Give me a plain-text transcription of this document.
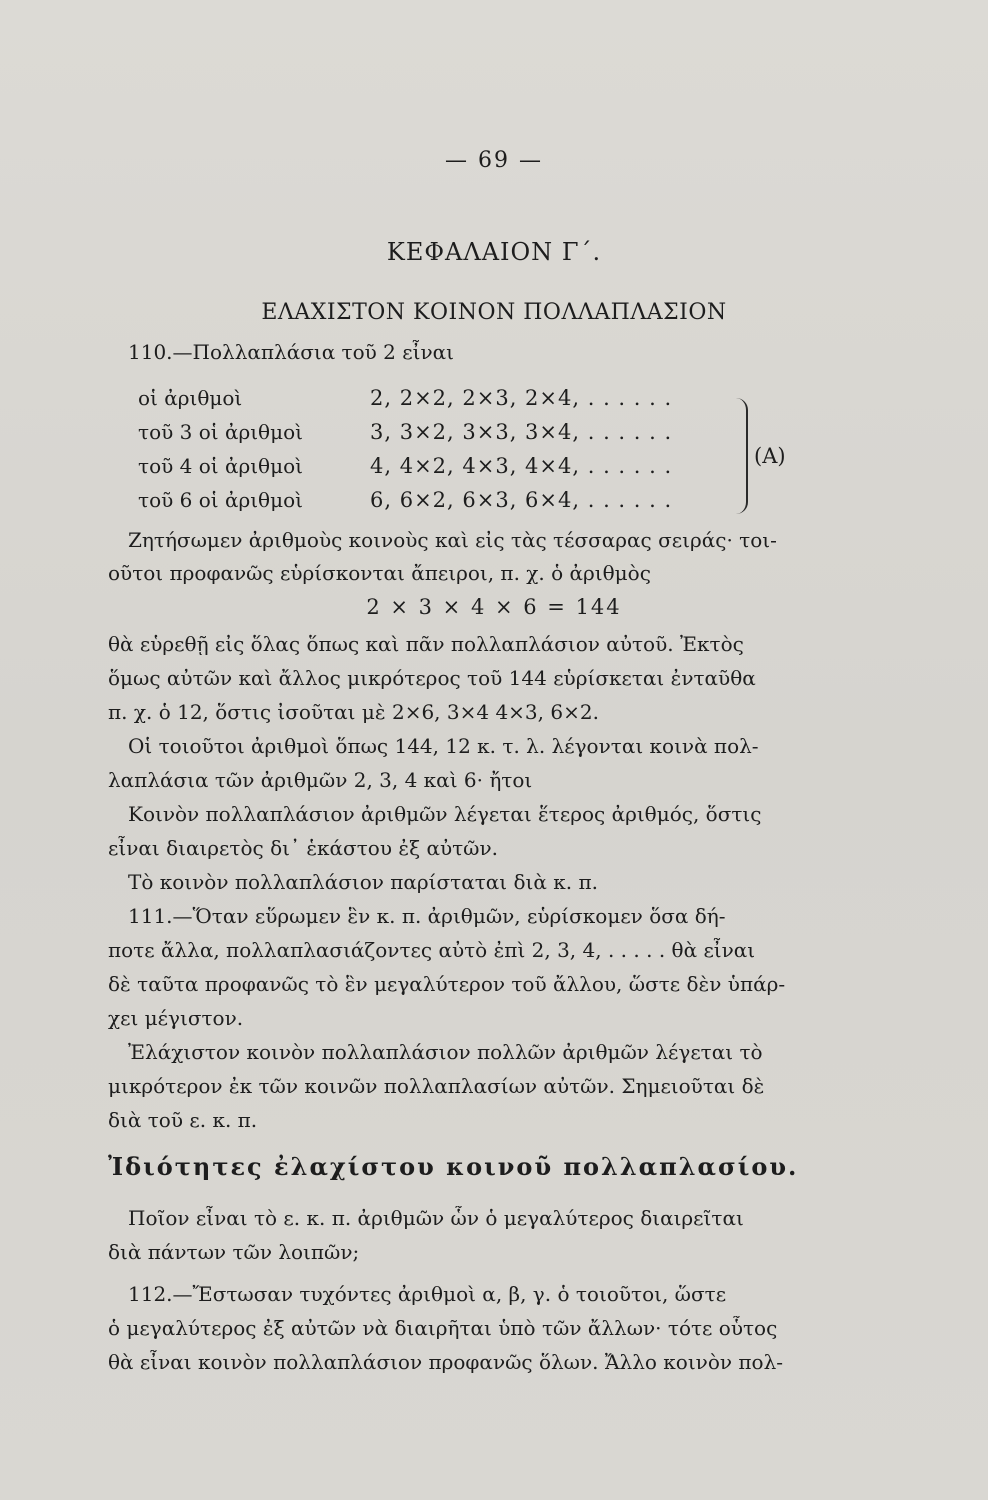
— 69 —
ΚΕΦΑΛΑΙΟΝ Γ΄.
ΕΛΑΧΙΣΤΟΝ ΚΟΙΝΟΝ ΠΟΛΛΑΠΛΑΣΙΟΝ
110.—Πολλαπλάσια τοῦ 2 εἶναι
οἱ ἀριθμοὶ	2, 2×2, 2×3, 2×4, . . . . . .
τοῦ 3 οἱ ἀριθμοὶ	3, 3×2, 3×3, 3×4, . . . . . .
τοῦ 4 οἱ ἀριθμοὶ	4, 4×2, 4×3, 4×4, . . . . . .
τοῦ 6 οἱ ἀριθμοὶ	6, 6×2, 6×3, 6×4, . . . . . .
(Α)
Ζητήσωμεν ἀριθμοὺς κοινοὺς καὶ εἰς τὰς τέσσαρας σειράς· τοι-
οῦτοι προφανῶς εὑρίσκονται ἄπειροι, π. χ. ὁ ἀριθμὸς
2 × 3 × 4 × 6 = 144
θὰ εὑρεθῇ εἰς ὅλας ὅπως καὶ πᾶν πολλαπλάσιον αὐτοῦ. Ἐκτὸς
ὅμως αὐτῶν καὶ ἄλλος μικρότερος τοῦ 144 εὑρίσκεται ἐνταῦθα
π. χ. ὁ 12, ὅστις ἰσοῦται μὲ 2×6, 3×4 4×3, 6×2.
Οἱ τοιοῦτοι ἀριθμοὶ ὅπως 144, 12 κ. τ. λ. λέγονται κοινὰ πολ-
λαπλάσια τῶν ἀριθμῶν 2, 3, 4 καὶ 6· ἤτοι
Κοινὸν πολλαπλάσιον ἀριθμῶν λέγεται ἕτερος ἀριθμός, ὅστις
εἶναι διαιρετὸς δι᾽ ἑκάστου ἐξ αὐτῶν.
Τὸ κοινὸν πολλαπλάσιον παρίσταται διὰ κ. π.
111.—Ὅταν εὕρωμεν ἓν κ. π. ἀριθμῶν, εὑρίσκομεν ὅσα δή-
ποτε ἄλλα, πολλαπλασιάζοντες αὐτὸ ἐπὶ 2, 3, 4, . . . . . θὰ εἶναι
δὲ ταῦτα προφανῶς τὸ ἓν μεγαλύτερον τοῦ ἄλλου, ὥστε δὲν ὑπάρ-
χει μέγιστον.
Ἐλάχιστον κοινὸν πολλαπλάσιον πολλῶν ἀριθμῶν λέγεται τὸ
μικρότερον ἐκ τῶν κοινῶν πολλαπλασίων αὐτῶν. Σημειοῦται δὲ
διὰ τοῦ ε. κ. π.
Ἰδιότητες ἐλαχίστου κοινοῦ πολλαπλασίου.
Ποῖον εἶναι τὸ ε. κ. π. ἀριθμῶν ὧν ὁ μεγαλύτερος διαιρεῖται
διὰ πάντων τῶν λοιπῶν;
112.—Ἔστωσαν τυχόντες ἀριθμοὶ α, β, γ. ὁ τοιοῦτοι, ὥστε
ὁ μεγαλύτερος ἐξ αὐτῶν νὰ διαιρῆται ὑπὸ τῶν ἄλλων· τότε οὗτος
θὰ εἶναι κοινὸν πολλαπλάσιον προφανῶς ὅλων. Ἄλλο κοινὸν πολ-
